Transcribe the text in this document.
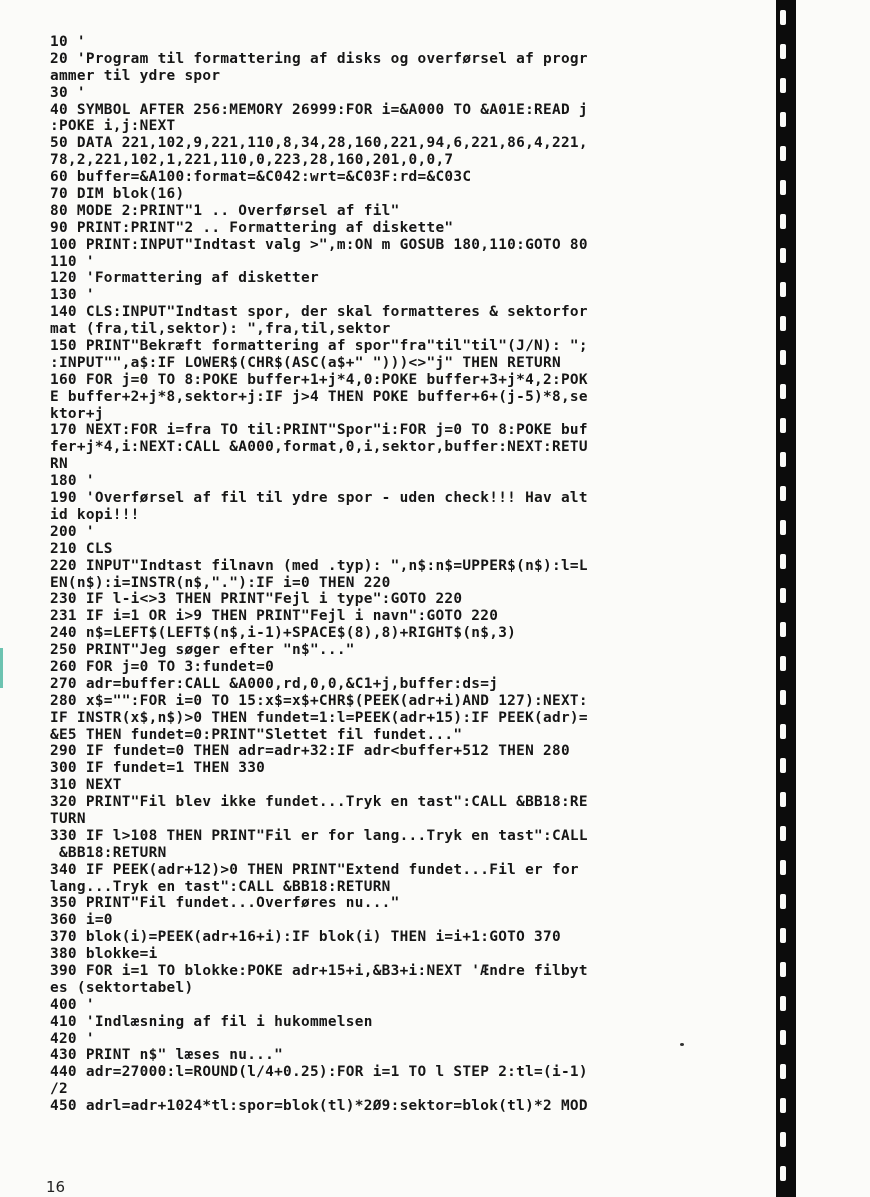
10 '
20 'Program til formattering af disks og overførsel af progr
ammer til ydre spor
30 '
40 SYMBOL AFTER 256:MEMORY 26999:FOR i=&A000 TO &A01E:READ j
:POKE i,j:NEXT
50 DATA 221,102,9,221,110,8,34,28,160,221,94,6,221,86,4,221,
78,2,221,102,1,221,110,0,223,28,160,201,0,0,7
60 buffer=&A100:format=&C042:wrt=&C03F:rd=&C03C
70 DIM blok(16)
80 MODE 2:PRINT"1 .. Overførsel af fil"
90 PRINT:PRINT"2 .. Formattering af diskette"
100 PRINT:INPUT"Indtast valg >",m:ON m GOSUB 180,110:GOTO 80
110 '
120 'Formattering af disketter
130 '
140 CLS:INPUT"Indtast spor, der skal formatteres & sektorfor
mat (fra,til,sektor): ",fra,til,sektor
150 PRINT"Bekræft formattering af spor"fra"til"til"(J/N): ";
:INPUT"",a$:IF LOWER$(CHR$(ASC(a$+" ")))<>"j" THEN RETURN
160 FOR j=0 TO 8:POKE buffer+1+j*4,0:POKE buffer+3+j*4,2:POK
E buffer+2+j*8,sektor+j:IF j>4 THEN POKE buffer+6+(j-5)*8,se
ktor+j
170 NEXT:FOR i=fra TO til:PRINT"Spor"i:FOR j=0 TO 8:POKE buf
fer+j*4,i:NEXT:CALL &A000,format,0,i,sektor,buffer:NEXT:RETU
RN
180 '
190 'Overførsel af fil til ydre spor - uden check!!! Hav alt
id kopi!!!
200 '
210 CLS
220 INPUT"Indtast filnavn (med .typ): ",n$:n$=UPPER$(n$):l=L
EN(n$):i=INSTR(n$,"."):IF i=0 THEN 220
230 IF l-i<>3 THEN PRINT"Fejl i type":GOTO 220
231 IF i=1 OR i>9 THEN PRINT"Fejl i navn":GOTO 220
240 n$=LEFT$(LEFT$(n$,i-1)+SPACE$(8),8)+RIGHT$(n$,3)
250 PRINT"Jeg søger efter "n$"..."
260 FOR j=0 TO 3:fundet=0
270 adr=buffer:CALL &A000,rd,0,0,&C1+j,buffer:ds=j
280 x$="":FOR i=0 TO 15:x$=x$+CHR$(PEEK(adr+i)AND 127):NEXT:
IF INSTR(x$,n$)>0 THEN fundet=1:l=PEEK(adr+15):IF PEEK(adr)=
&E5 THEN fundet=0:PRINT"Slettet fil fundet..."
290 IF fundet=0 THEN adr=adr+32:IF adr<buffer+512 THEN 280
300 IF fundet=1 THEN 330
310 NEXT
320 PRINT"Fil blev ikke fundet...Tryk en tast":CALL &BB18:RE
TURN
330 IF l>108 THEN PRINT"Fil er for lang...Tryk en tast":CALL
&BB18:RETURN
340 IF PEEK(adr+12)>0 THEN PRINT"Extend fundet...Fil er for
lang...Tryk en tast":CALL &BB18:RETURN
350 PRINT"Fil fundet...Overføres nu..."
360 i=0
370 blok(i)=PEEK(adr+16+i):IF blok(i) THEN i=i+1:GOTO 370
380 blokke=i
390 FOR i=1 TO blokke:POKE adr+15+i,&B3+i:NEXT 'Ændre filbyt
es (sektortabel)
400 '
410 'Indlæsning af fil i hukommelsen
420 '
430 PRINT n$" læses nu..."
440 adr=27000:l=ROUND(l/4+0.25):FOR i=1 TO l STEP 2:tl=(i-1)
/2
450 adrl=adr+1024*tl:spor=blok(tl)*2Ø9:sektor=blok(tl)*2 MOD
16
